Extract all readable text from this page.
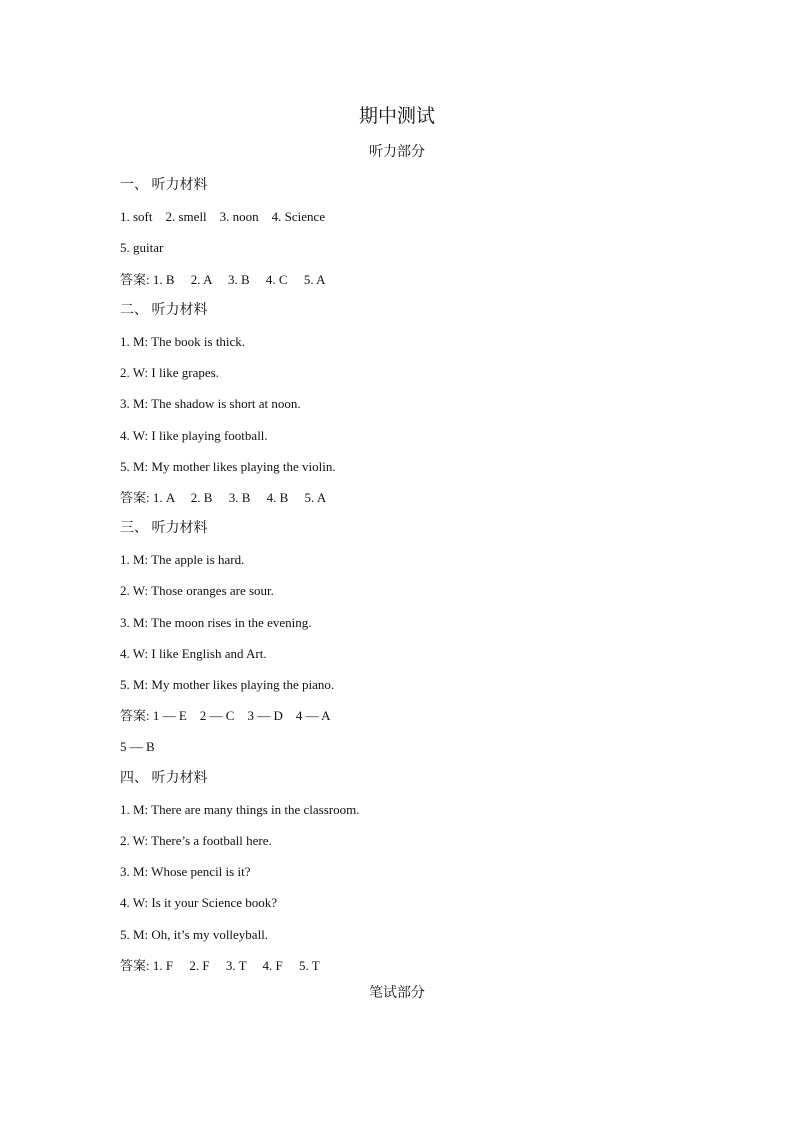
期中测试
听力部分
一、 听力材料
1. soft    2. smell    3. noon    4. Science
5. guitar
答案: 1. B     2. A     3. B     4. C     5. A
二、 听力材料
1. M: The book is thick.
2. W: I like grapes.
3. M: The shadow is short at noon.
4. W: I like playing football.
5. M: My mother likes playing the violin.
答案: 1. A     2. B     3. B     4. B     5. A
三、 听力材料
1. M: The apple is hard.
2. W: Those oranges are sour.
3. M: The moon rises in the evening.
4. W: I like English and Art.
5. M: My mother likes playing the piano.
答案: 1 — E    2 — C    3 — D    4 — A
5 — B
四、 听力材料
1. M: There are many things in the classroom.
2. W: There’s a football here.
3. M: Whose pencil is it?
4. W: Is it your Science book?
5. M: Oh, it’s my volleyball.
答案: 1. F     2. F     3. T     4. F     5. T
笔试部分
